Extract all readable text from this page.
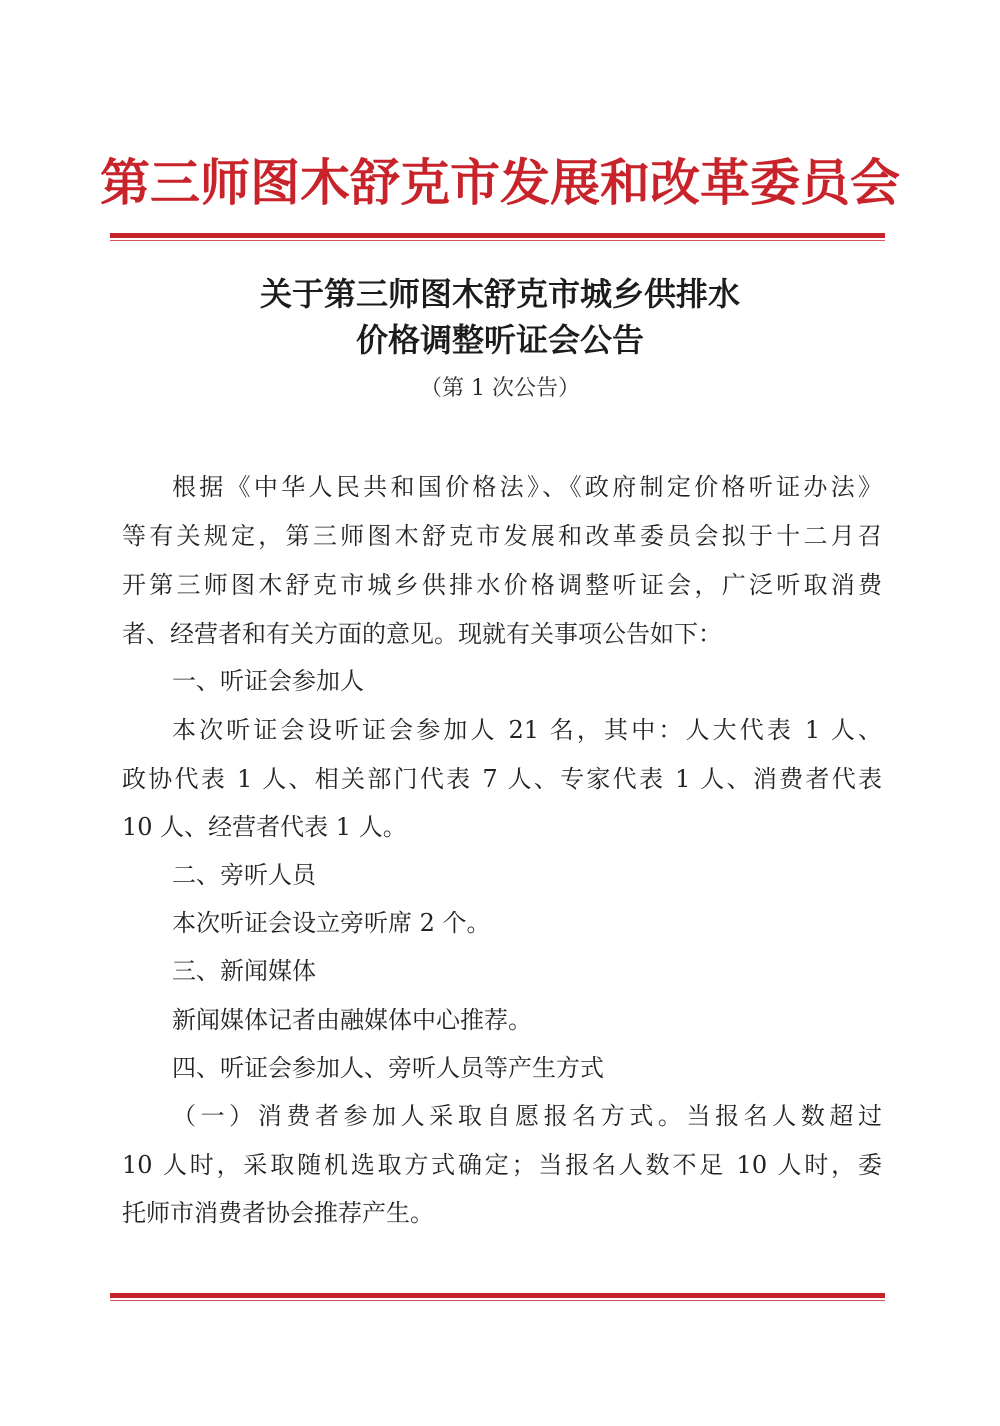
第三师图木舒克市发展和改革委员会
关于第三师图木舒克市城乡供排水
价格调整听证会公告
（第 1 次公告）
根据《中华人民共和国价格法》、《政府制定价格听证办法》
等有关规定，第三师图木舒克市发展和改革委员会拟于十二月召
开第三师图木舒克市城乡供排水价格调整听证会，广泛听取消费
者、经营者和有关方面的意见。现就有关事项公告如下：
一、听证会参加人
本次听证会设听证会参加人 21 名，其中：人大代表 1 人、
政协代表 1 人、相关部门代表 7 人、专家代表 1 人、消费者代表
10 人、经营者代表 1 人。
二、旁听人员
本次听证会设立旁听席 2 个。
三、新闻媒体
新闻媒体记者由融媒体中心推荐。
四、听证会参加人、旁听人员等产生方式
（一）消费者参加人采取自愿报名方式。当报名人数超过
10 人时，采取随机选取方式确定；当报名人数不足 10 人时，委
托师市消费者协会推荐产生。
